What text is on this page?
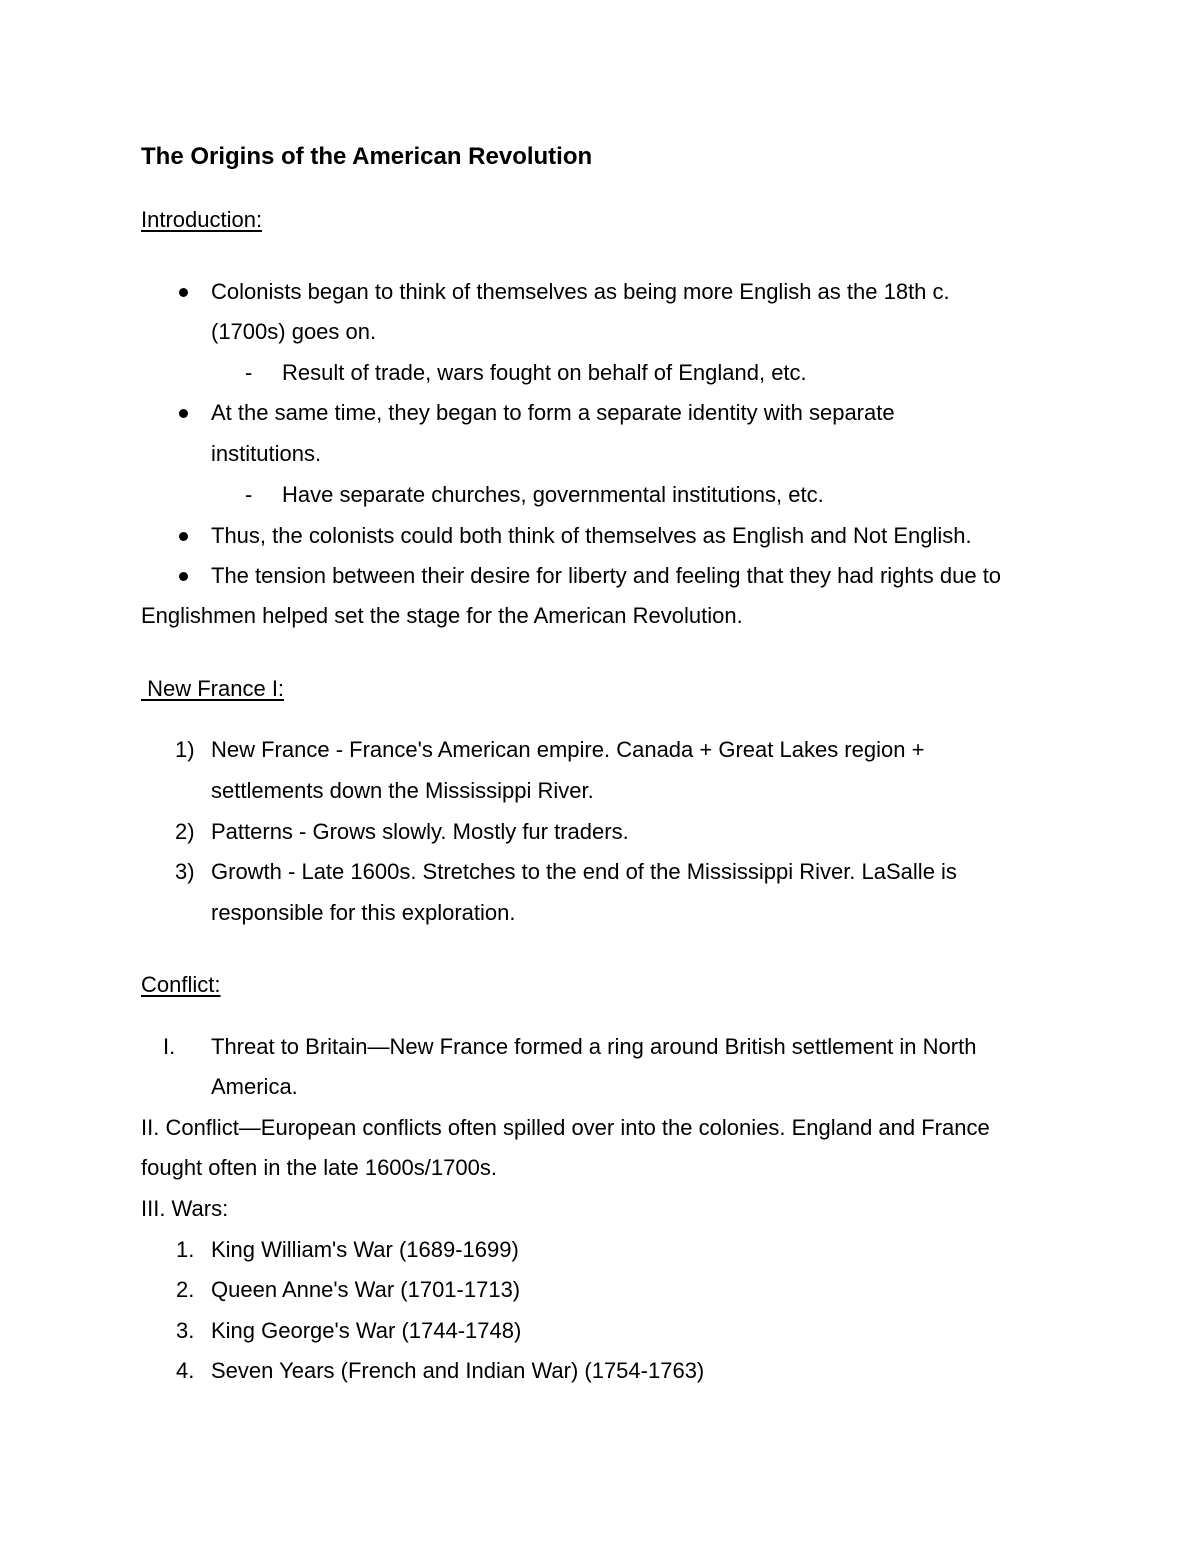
The Origins of the American Revolution
Introduction:
Colonists began to think of themselves as being more English as the 18th c.
(1700s) goes on.
- Result of trade, wars fought on behalf of England, etc.
At the same time, they began to form a separate identity with separate
institutions.
- Have separate churches, governmental institutions, etc.
Thus, the colonists could both think of themselves as English and Not English.
The tension between their desire for liberty and feeling that they had rights due to
Englishmen helped set the stage for the American Revolution.
New France I:
1) New France - France's American empire. Canada + Great Lakes region +
settlements down the Mississippi River.
2) Patterns - Grows slowly. Mostly fur traders.
3) Growth - Late 1600s. Stretches to the end of the Mississippi River. LaSalle is
responsible for this exploration.
Conflict:
I. Threat to Britain—New France formed a ring around British settlement in North
America.
II. Conflict—European conflicts often spilled over into the colonies. England and France
fought often in the late 1600s/1700s.
III. Wars:
1. King William's War (1689-1699)
2. Queen Anne's War (1701-1713)
3. King George's War (1744-1748)
4. Seven Years (French and Indian War) (1754-1763)
